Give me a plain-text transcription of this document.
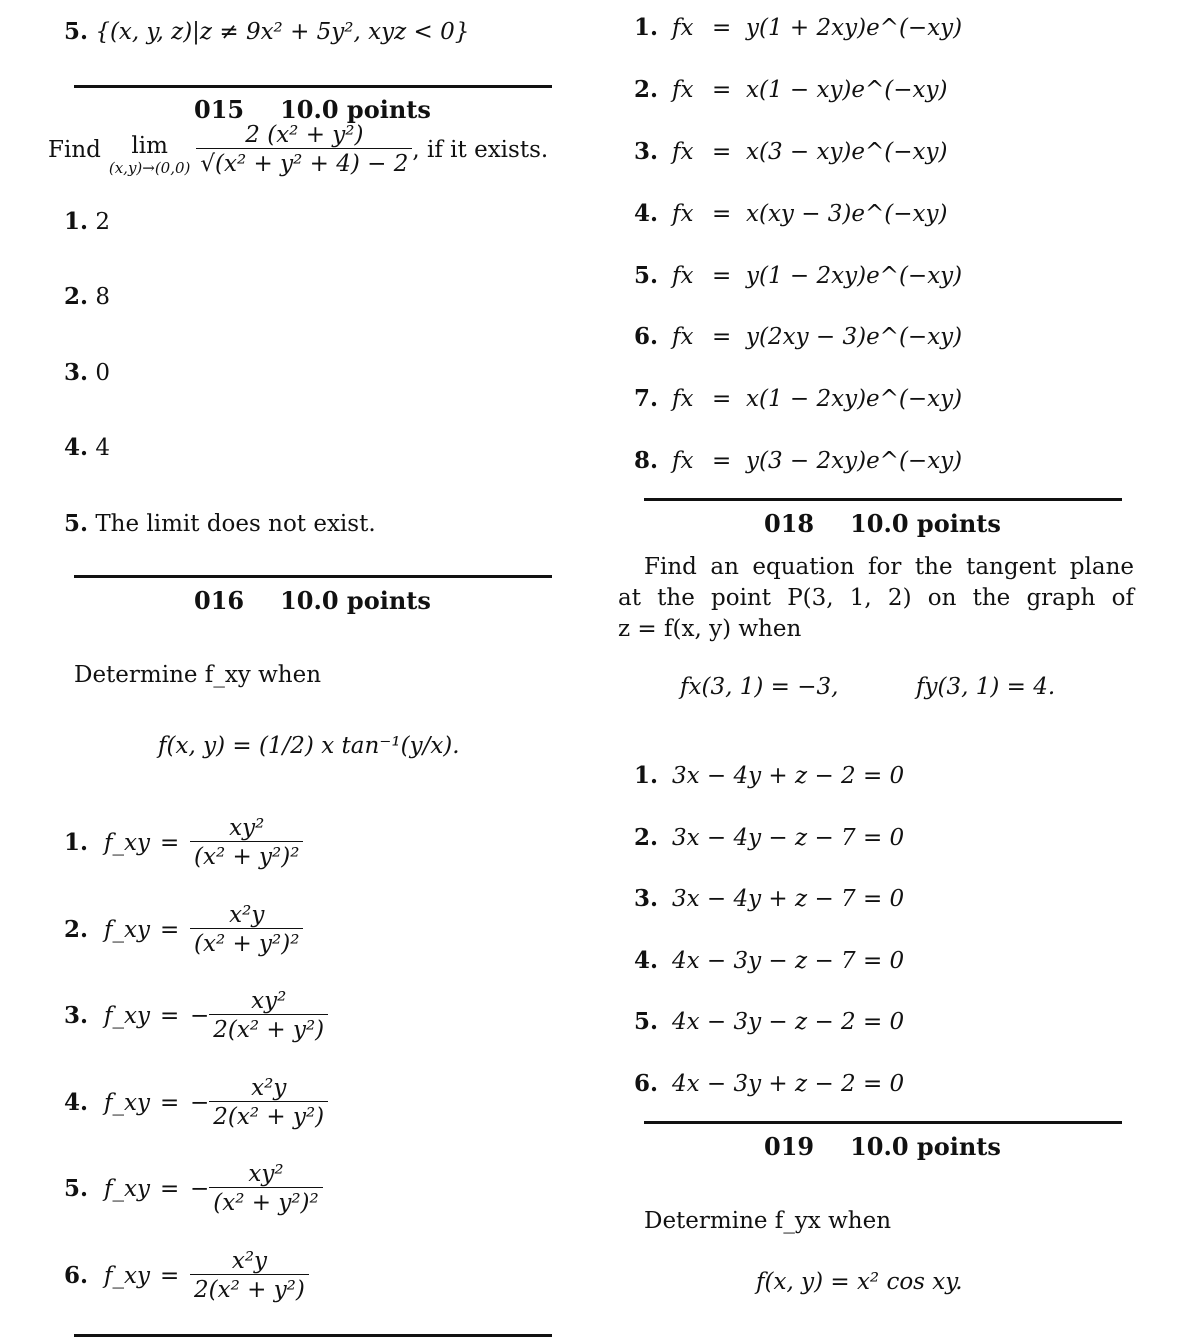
5. {(x, y, z)|z ≠ 9x² + 5y², xyz < 0}
015 10.0 points
Find lim
$(x,y)\to(0,0) \frac{\text{2 (x² + y²)}}{\text{√(x² + y² + 4) − 2}}$ , if it exists.
1. 2
2. 8
3. 0
4. 4
5. The limit does not exist.
016 10.0 points
Determine f_xy when
f(x, y) = (1/2) x tan⁻¹(y/x).
1. f_xy = $\frac{\text{xy²}}{\text{(x² + y²)²}}$
2. f_xy = $\frac{\text{x²y}}{\text{(x² + y²)²}}$
3. f_xy = − $\frac{\text{xy²}}{\text{2(x² + y²)}}$
4. f_xy = − $\frac{\text{x²y}}{\text{2(x² + y²)}}$
5. f_xy = − $\frac{\text{xy²}}{\text{(x² + y²)²}}$
6. f_xy = $\frac{\text{x²y}}{\text{2(x² + y²)}}$
1. fx = y(1 + 2xy)e^(−xy)
2. fx = x(1 − xy)e^(−xy)
3. fx = x(3 − xy)e^(−xy)
4. fx = x(xy − 3)e^(−xy)
5. fx = y(1 − 2xy)e^(−xy)
6. fx = y(2xy − 3)e^(−xy)
7. fx = x(1 − 2xy)e^(−xy)
8. fx = y(3 − 2xy)e^(−xy)
018 10.0 points
Find an equation for the tangent plane
at the point P(3, 1, 2) on the graph of
z = f(x, y) when
fx(3, 1) = −3,	fy(3, 1) = 4.
1. 3x − 4y + z − 2 = 0
2. 3x − 4y − z − 7 = 0
3. 3x − 4y + z − 7 = 0
4. 4x − 3y − z − 7 = 0
5. 4x − 3y − z − 2 = 0
6. 4x − 3y + z − 2 = 0
019 10.0 points
Determine f_yx when
f(x, y) = x² cos xy.
